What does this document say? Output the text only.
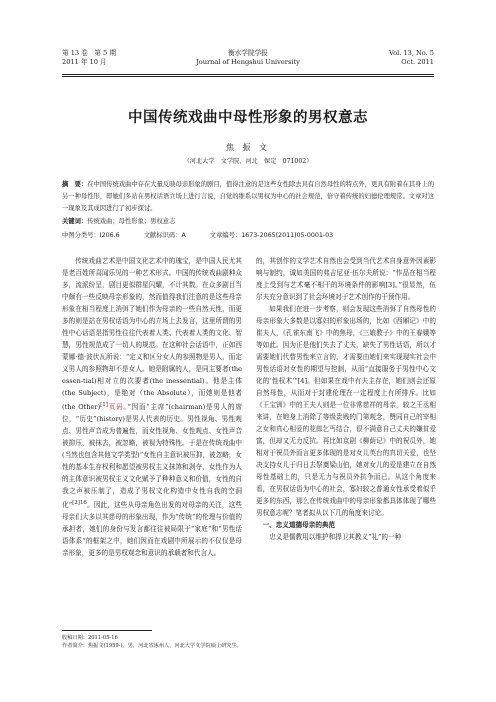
第 13 卷　第 5 期
2011 年 10 月
衡水学院学报
Journal of Hengshui University
Vol. 13, No. 5
Oct. 2011
中国传统戏曲中母性形象的男权意志
焦 振 文
（河北大学　文学院，河北　保定　071002）
摘　要：在中国传统戏曲中存在大量反映母亲形象的剧目，值得注意的是这些女性除去具有自然母性的特点外，更具有附着在其身上的另一种母性形，即她们多站在男权话语立场上进行言说，自觉的维系以男权为中心的社会规范，倍守着传统的妇德伦理规常。文章对这一现象及其成因进行了初步探讨。
关键词：传统戏曲；母性形象；男权意志
中图分类号：I206.6	文献标识码：A	文章编号：1673-2065(2011)05-0001-03

传统戏曲艺术是中国文化艺术中的瑰宝，是中国人民尤其是老百姓所喜闻乐见的一种艺术形式。中国的传统戏曲剧种众多，流派纷呈，剧目更似群星闪耀，不计其数。在众多剧目当中颇有一些反映母亲形象的，然而值得我们注意的是这些母亲形象在相当程度上消弭了她们作为母亲的一些自然天性，而更多的则是站在男权话语为中心的立场上去发言，这里所谓的男性中心话语是指男性往往代表着人类、代表着人类的文化、智慧，男性规范成了一切人的规范。在这种社会话语中，正如西蒙娜·德·波伏瓦所说：“定义和区分女人的参照物是男人，而定义男人的参照物却不是女人。她是附属的人，是同主要者(the essen-tial)相对立的次要者(the inessential)。他是主体(the Subject)，是绝对（the Absolute），而她则是他者(the Other)[1]页码。”因而“主席”(chairman)是男人的席位，“历史”(history)是男人代表的历史。男性视角、男性观点、男性声音成为普遍性，而女性视角、女性观点、女性声音被抑压，被抹去，被忽略，被视为特殊性。于是在传统戏曲中(当然也包含其他文学类型)“女性自主意识被压抑，被忽略，女性的基本生存权利和愿望被男权主义抹煞和剥夺，女性作为人的主体意识被男权主义文化赋予了种种意义和价值，女性的自我之声被压制了，造成了男权文化构造中女性自我的空洞化”$^{[2]16}$。因此，这些从母亲角色出发的对母亲的关注，这些母亲们大多以其慈母的形象出现，作为“传统”的伦理与价值的承担者，她们的身份与发言都往往被局限于“家庭”和“男性话语体系”的框架之中，她们因而在戏剧中所展示的不仅仅是母亲形象，更多的是男权观念和意识的承载者和代言人。

的，其创作的文学艺术自然也会受到当代艺术自身意外因素影响与制约，诚如美国的弗吉尼亚·伍尔夫所说：“作品在相当程度上受到与艺术毫不相干的环境条件的影响[3]。”很显然，伍尔夫充分意识到了社会环境对于艺术创作的干预作用。

如果我们在进一步考察，则会发现这些消弭了自然母性的母亲形象大多数是以寡妇的形象出场的，比如《西厢记》中的崔夫人，《孔雀东南飞》中的焦母，《三娘教子》中的王春娥等等如此。因为正是他们失去了丈夫，缺失了男性话语，所以才需要她们代替男性来立言的，才需要由她们来实现现实社会中男性话语对女性的期望与控制，从而“直接服务于男性中心文化的‘性权术’”[4]。但如果在戏中有夫主存在，她们则会还原自然母性，从而对于封建伦理在一定程度上有所排斥。比如《王宝钏》中的王夫人则是一位非常慈祥的母亲，较之王丞相来讲，在她身上消除了等级贵贱的门第观念，赞同自己的宰相之女和真心相爱的花郎乞丐结合，很不满意自己丈夫的嫌贫爱富，但却又无力反抗。再比如京剧《柳荫记》中的祝员外，她相对于祝员外而言更多体现的是对女儿英台的真切关爱，也坚决支持女儿于归日去祭奠梁山伯，她对女儿的爱是建立在自然母性基础上的，只是无力与祝员外抗争而已。从这个角度来看，在男权话语为中心的社会，寡妇较之普通女性承受着似乎更多的东西，那么在传统戏曲中的母亲形象都具体体现了哪些男权意志呢？笔者拟从以下几的角度来讨论。

一、忠义道德母亲的典范

忠义是儒教用以维护和捍卫其教义“礼”的一种

收稿日期：2011-05-16
作者简介：焦振文(1959-)，男，河北省涿州人，河北大学文学院硕士研究生。
